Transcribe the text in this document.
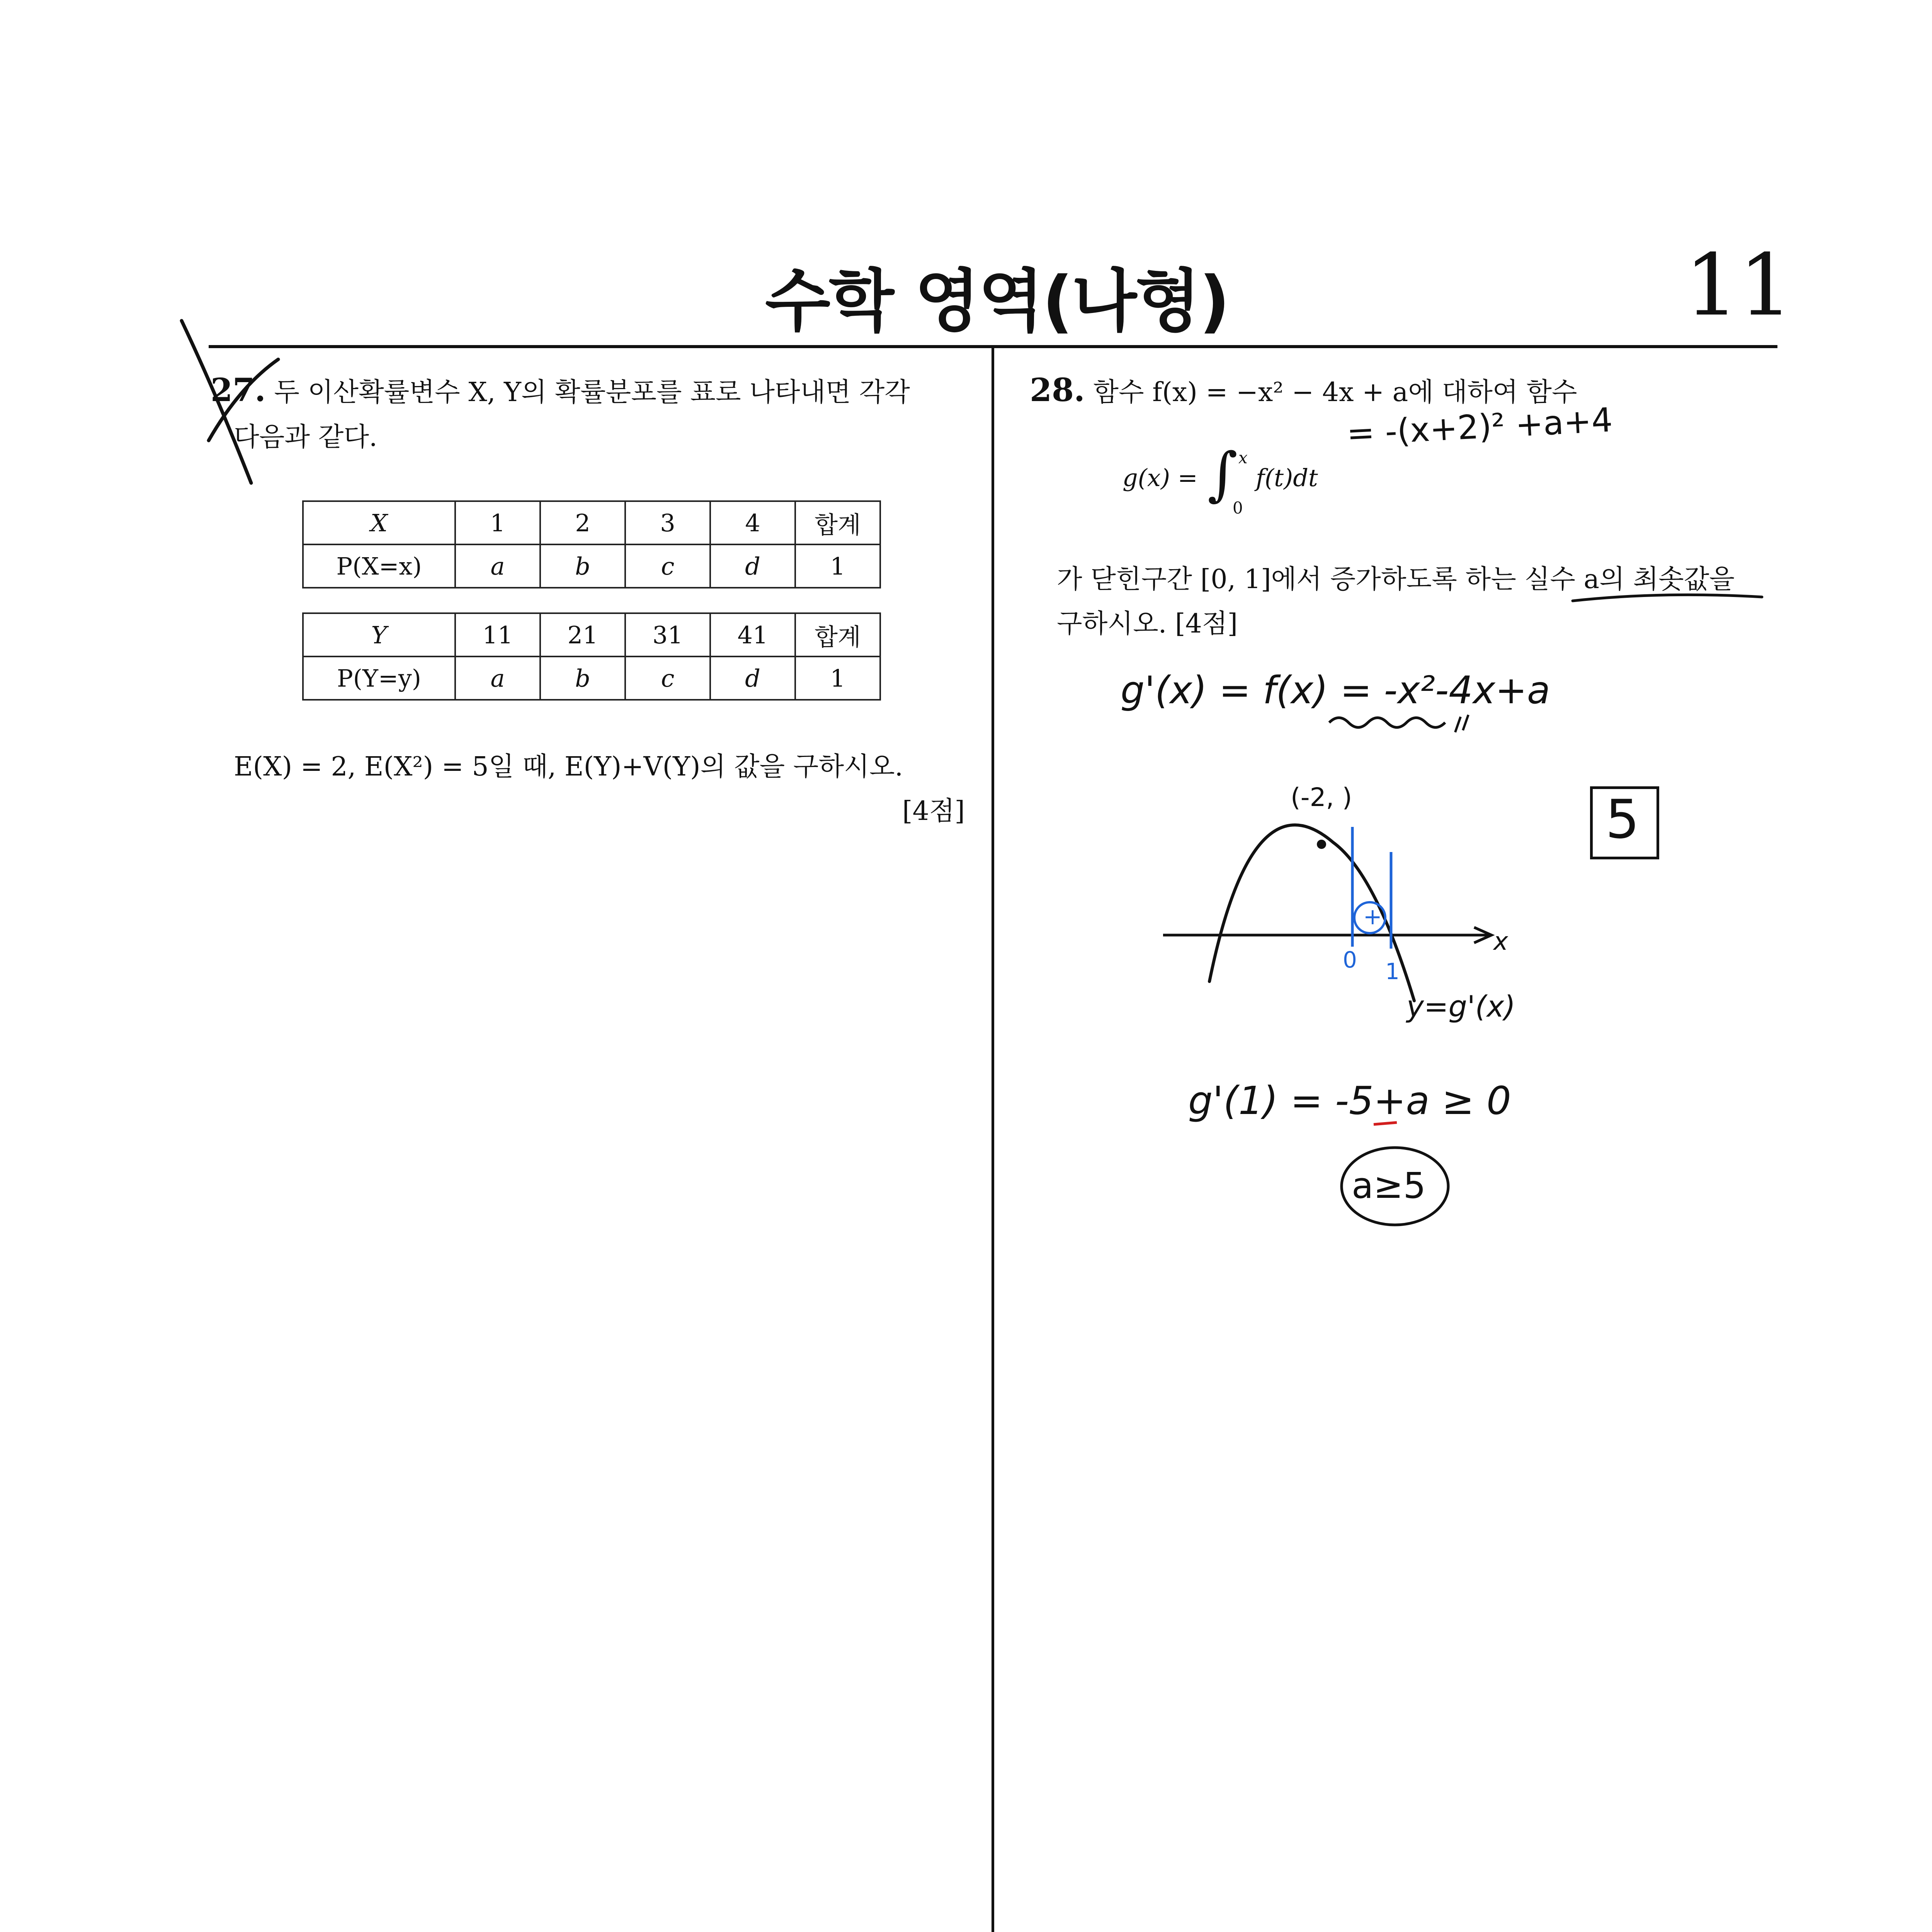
수학 영역(나형)	11
27. 두 이산확률변수 X, Y의 확률분포를 표로 나타내면 각각
다음과 같다.
X	1	2	3	4	합계
P(X=x)	a	b	c	d	1
Y	11	21	31	41	합계
P(Y=y)	a	b	c	d	1
E(X) = 2, E(X²) = 5일 때, E(Y)+V(Y)의 값을 구하시오.
[4점]
28. 함수 f(x) = −x² − 4x + a에 대하여 함수
g(x) = ∫ x
0
f(t)dt
가 닫힌구간 [0, 1]에서 증가하도록 하는 실수 a의 최솟값을
구하시오. [4점]
= -(x+2)² +a+4
g'(x) = f(x) = -x²-4x+a
(-2, )
+
x
0 1
y=g'(x)
g'(1) = -5+a ≥ 0
a≥5
5
